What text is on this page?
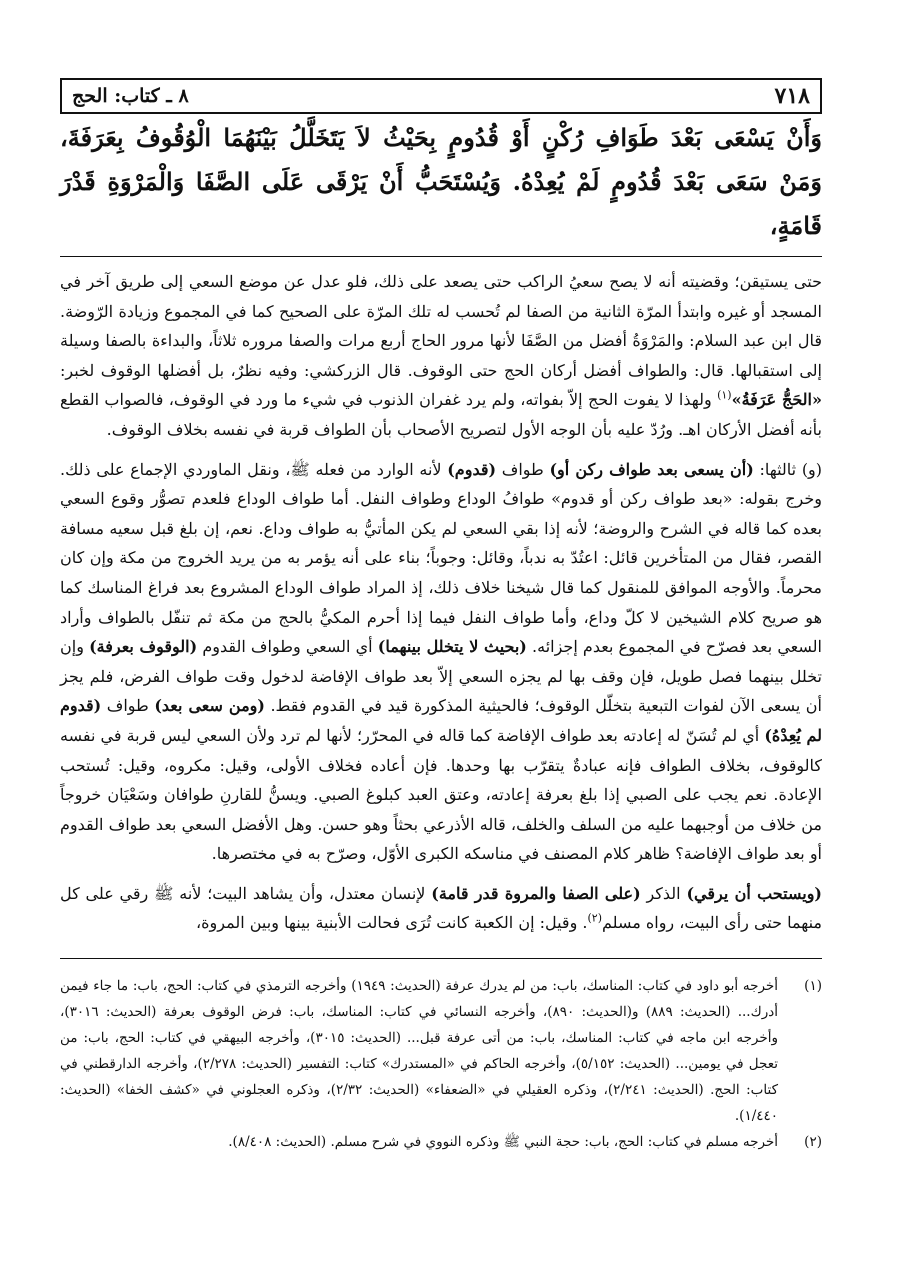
٧١٨
٨ ـ كتاب: الحج
وَأَنْ يَسْعَى بَعْدَ طَوَافِ رُكْنٍ أَوْ قُدُومٍ بِحَيْثُ لاَ يَتَخَلَّلُ بَيْنَهُمَا الْوُقُوفُ بِعَرَفَةَ، وَمَنْ سَعَى بَعْدَ قُدُومٍ لَمْ يُعِدْهُ. وَيُسْتَحَبُّ أَنْ يَرْقَى عَلَى الصَّفَا وَالْمَرْوَةِ قَدْرَ قَامَةٍ،

حتى يستيقن؛ وقضيته أنه لا يصح سعيُ الراكب حتى يصعد على ذلك، فلو عدل عن موضع السعي إلى طريق آخر في المسجد أو غيره وابتدأ المرّة الثانية من الصفا لم تُحسب له تلك المرّة على الصحيح كما في المجموع وزيادة الرّوضة. قال ابن عبد السلام: والمَرْوَةُ أفضل من الصَّفَا لأنها مرور الحاج أربع مرات والصفا مروره ثلاثاً، والبداءة بالصفا وسيلة إلى استقبالها. قال: والطواف أفضل أركان الحج حتى الوقوف. قال الزركشي: وفيه نظرٌ، بل أفضلها الوقوف لخبر: «الحَجُّ عَرَفَةُ»$^{(١)}$ ولهذا لا يفوت الحج إلاّ بفواته، ولم يرد غفران الذنوب في شيء ما ورد في الوقوف، فالصواب القطع بأنه أفضل الأركان اهـ. ورُدّ عليه بأن الوجه الأول لتصريح الأصحاب بأن الطواف قربة في نفسه بخلاف الوقوف.

(و) ثالثها: (أن يسعى بعد طواف ركن أو) طواف (قدوم) لأنه الوارد من فعله ﷺ، ونقل الماوردي الإجماع على ذلك. وخرج بقوله: «بعد طواف ركن أو قدوم» طوافُ الوداع وطواف النفل. أما طواف الوداع فلعدم تصوُّر وقوع السعي بعده كما قاله في الشرح والروضة؛ لأنه إذا بقي السعي لم يكن المأتيُّ به طواف وداع. نعم، إن بلغ قبل سعيه مسافة القصر، فقال من المتأخرين قائل: اعتُدّ به ندباً، وقائل: وجوباً؛ بناء على أنه يؤمر به من يريد الخروج من مكة وإن كان محرماً. والأوجه الموافق للمنقول كما قال شيخنا خلاف ذلك، إذ المراد طواف الوداع المشروع بعد فراغ المناسك كما هو صريح كلام الشيخين لا كلّ وداع، وأما طواف النفل فيما إذا أحرم المكيُّ بالحج من مكة ثم تنفّل بالطواف وأراد السعي بعد فصرّح في المجموع بعدم إجزائه. (بحيث لا يتخلل بينهما) أي السعي وطواف القدوم (الوقوف بعرفة) وإن تخلل بينهما فصل طويل، فإن وقف بها لم يجزه السعي إلاّ بعد طواف الإفاضة لدخول وقت طواف الفرض، فلم يجز أن يسعى الآن لفوات التبعية بتخلّل الوقوف؛ فالحيثية المذكورة قيد في القدوم فقط. (ومن سعى بعد) طواف (قدوم لم يُعِدْهُ) أي لم تُسَنّ له إعادته بعد طواف الإفاضة كما قاله في المحرّر؛ لأنها لم ترد ولأن السعي ليس قربة في نفسه كالوقوف، بخلاف الطواف فإنه عبادةٌ يتقرّب بها وحدها. فإن أعاده فخلاف الأولى، وقيل: مكروه، وقيل: تُستحب الإعادة. نعم يجب على الصبي إذا بلغ بعرفة إعادته، وعتق العبد كبلوغ الصبي. ويسنُّ للقارنِ طوافان وسَعْيَان خروجاً من خلاف من أوجبهما عليه من السلف والخلف، قاله الأذرعي بحثاً وهو حسن. وهل الأفضل السعي بعد طواف القدوم أو بعد طواف الإفاضة؟ ظاهر كلام المصنف في مناسكه الكبرى الأوّل، وصرّح به في مختصرها.

(ويستحب أن يرقي) الذكر (على الصفا والمروة قدر قامة) لإنسان معتدل، وأن يشاهد البيت؛ لأنه ﷺ رقي على كل منهما حتى رأى البيت، رواه مسلم$^{(٢)}$. وقيل: إن الكعبة كانت تُرَى فحالت الأبنية بينها وبين المروة،

(١)
أخرجه أبو داود في كتاب: المناسك، باب: من لم يدرك عرفة (الحديث: ١٩٤٩) وأخرجه الترمذي في كتاب: الحج، باب: ما جاء فيمن أدرك... (الحديث: ٨٨٩) و(الحديث: ٨٩٠)، وأخرجه النسائي في كتاب: المناسك، باب: فرض الوقوف بعرفة (الحديث: ٣٠١٦)، وأخرجه ابن ماجه في كتاب: المناسك، باب: من أتى عرفة قبل... (الحديث: ٣٠١٥)، وأخرجه البيهقي في كتاب: الحج، باب: من تعجل في يومين... (الحديث: ٥/١٥٢)، وأخرجه الحاكم في «المستدرك» كتاب: التفسير (الحديث: ٢/٢٧٨)، وأخرجه الدارقطني في كتاب: الحج. (الحديث: ٢/٢٤١)، وذكره العقيلي في «الضعفاء» (الحديث: ٢/٣٢)، وذكره العجلوني في «كشف الخفا» (الحديث: ١/٤٤٠).
(٢)
أخرجه مسلم في كتاب: الحج، باب: حجة النبي ﷺ وذكره النووي في شرح مسلم. (الحديث: ٨/٤٠٨).
